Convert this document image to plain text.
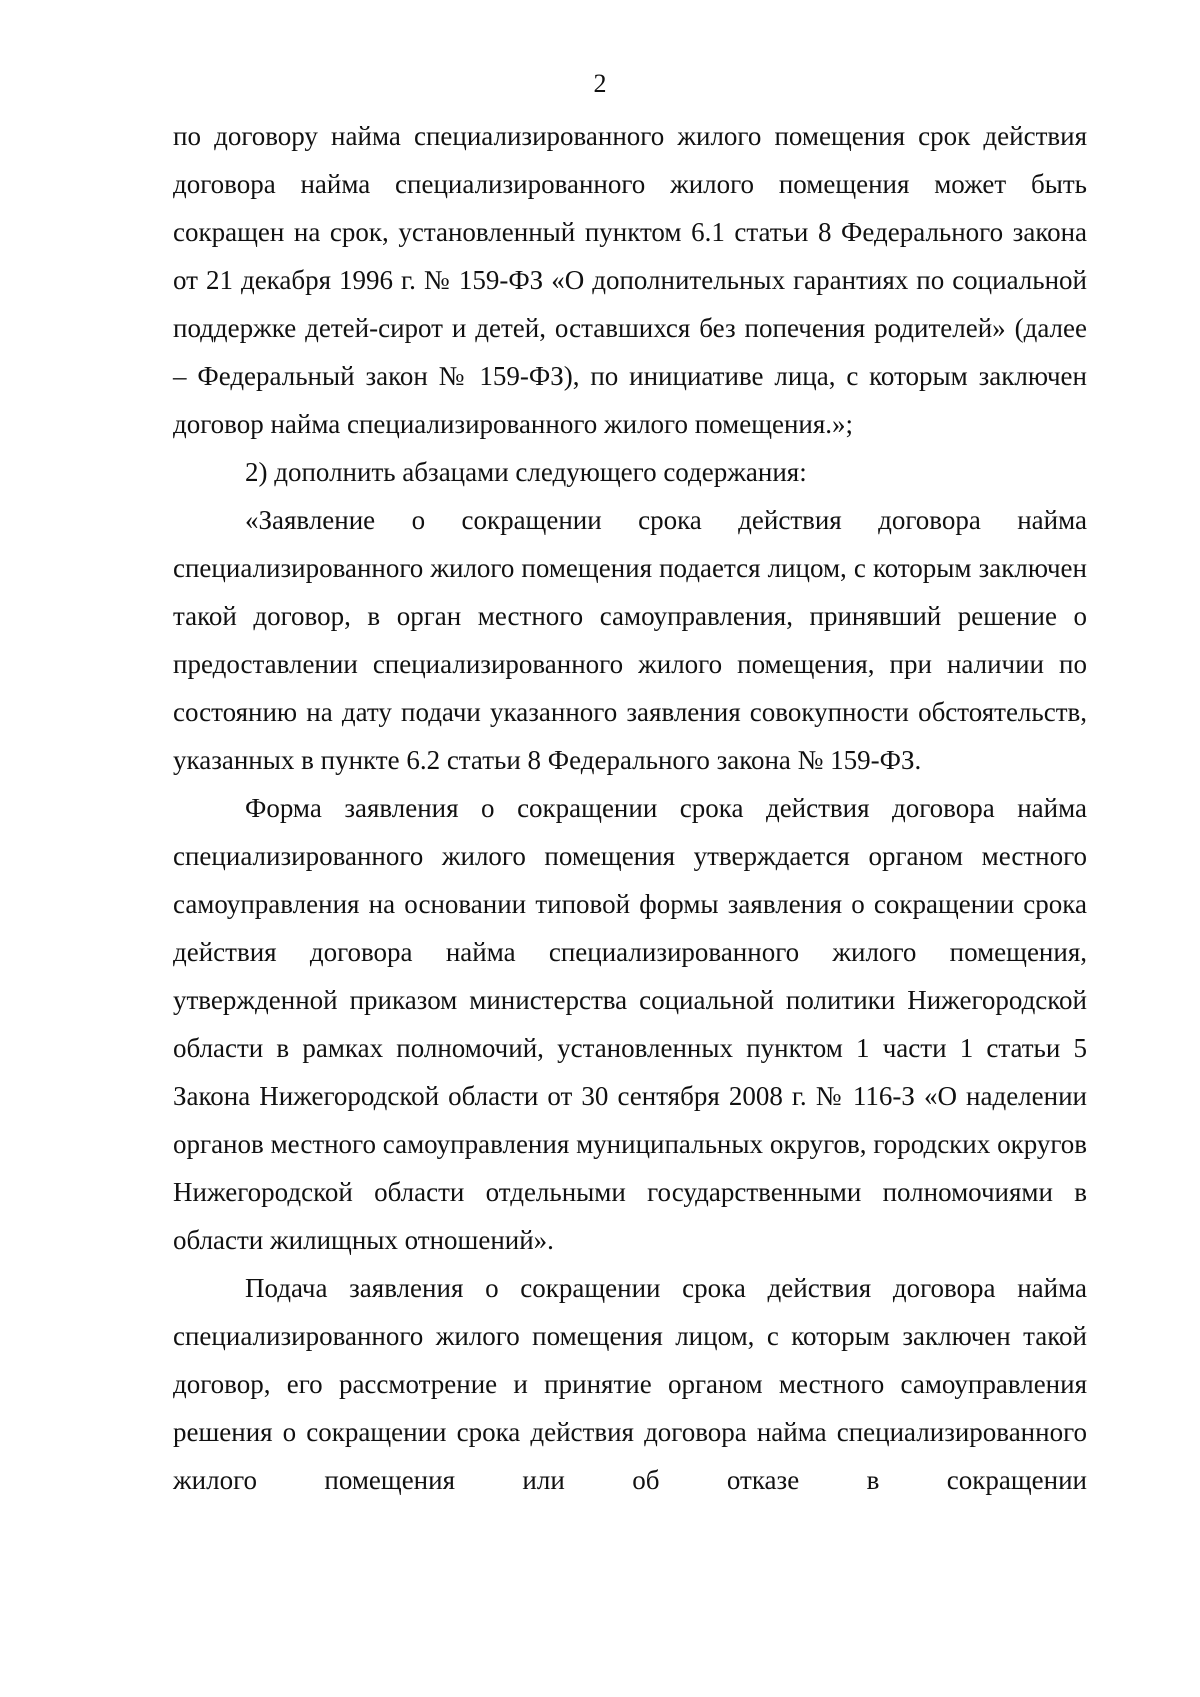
2

по договору найма специализированного жилого помещения срок действия договора найма специализированного жилого помещения может быть сокращен на срок, установленный пунктом 6.1 статьи 8 Федерального закона от 21 декабря 1996 г. № 159-ФЗ «О дополнительных гарантиях по социальной поддержке детей-сирот и детей, оставшихся без попечения родителей» (далее – Федеральный закон № 159-ФЗ), по инициативе лица, с которым заключен договор найма специализированного жилого помещения.»;

2) дополнить абзацами следующего содержания:

«Заявление о сокращении срока действия договора найма специализированного жилого помещения подается лицом, с которым заключен такой договор, в орган местного самоуправления, принявший решение о предоставлении специализированного жилого помещения, при наличии по состоянию на дату подачи указанного заявления совокупности обстоятельств, указанных в пункте 6.2 статьи 8 Федерального закона № 159-ФЗ.

Форма заявления о сокращении срока действия договора найма специализированного жилого помещения утверждается органом местного самоуправления на основании типовой формы заявления о сокращении срока действия договора найма специализированного жилого помещения, утвержденной приказом министерства социальной политики Нижегородской области в рамках полномочий, установленных пунктом 1 части 1 статьи 5 Закона Нижегородской области от 30 сентября 2008 г. № 116-З «О наделении органов местного самоуправления муниципальных округов, городских округов Нижегородской области отдельными государственными полномочиями в области жилищных отношений».

Подача заявления о сокращении срока действия договора найма специализированного жилого помещения лицом, с которым заключен такой договор, его рассмотрение и принятие органом местного самоуправления решения о сокращении срока действия договора найма специализированного жилого помещения или об отказе в сокращении
